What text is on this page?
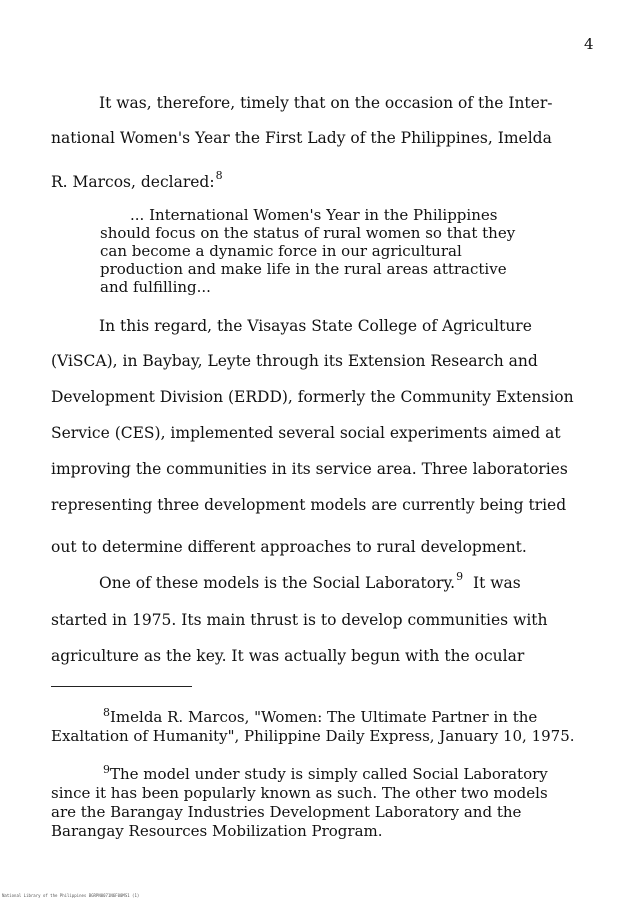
4
It was, therefore, timely that on the occasion of the Inter-
national Women's Year the First Lady of the Philippines, Imelda
R. Marcos, declared:$^8$
... International Women's Year in the Philippines
should focus on the status of rural women so that they
can become a dynamic force in our agricultural
production and make life in the rural areas attractive
and fulfilling...
In this regard, the Visayas State College of Agriculture
(ViSCA), in Baybay, Leyte through its Extension Research and
Development Division (ERDD), formerly the Community Extension
Service (CES), implemented several social experiments aimed at
improving the communities in its service area. Three laboratories
representing three development models are currently being tried
out to determine different approaches to rural development.
One of these models is the Social Laboratory.$^9$ It was
started in 1975. Its main thrust is to develop communities with
agriculture as the key. It was actually begun with the ocular
$^8$Imelda R. Marcos, "Women: The Ultimate Partner in the
Exaltation of Humanity", Philippine Daily Express, January 10, 1975.
$^9$The model under study is simply called Social Laboratory
since it has been popularly known as such. The other two models
are the Barangay Industries Development Laboratory and the
Barangay Resources Mobilization Program.
National Library of the Philippines BGRPN0071N6F00MS1 (1)
